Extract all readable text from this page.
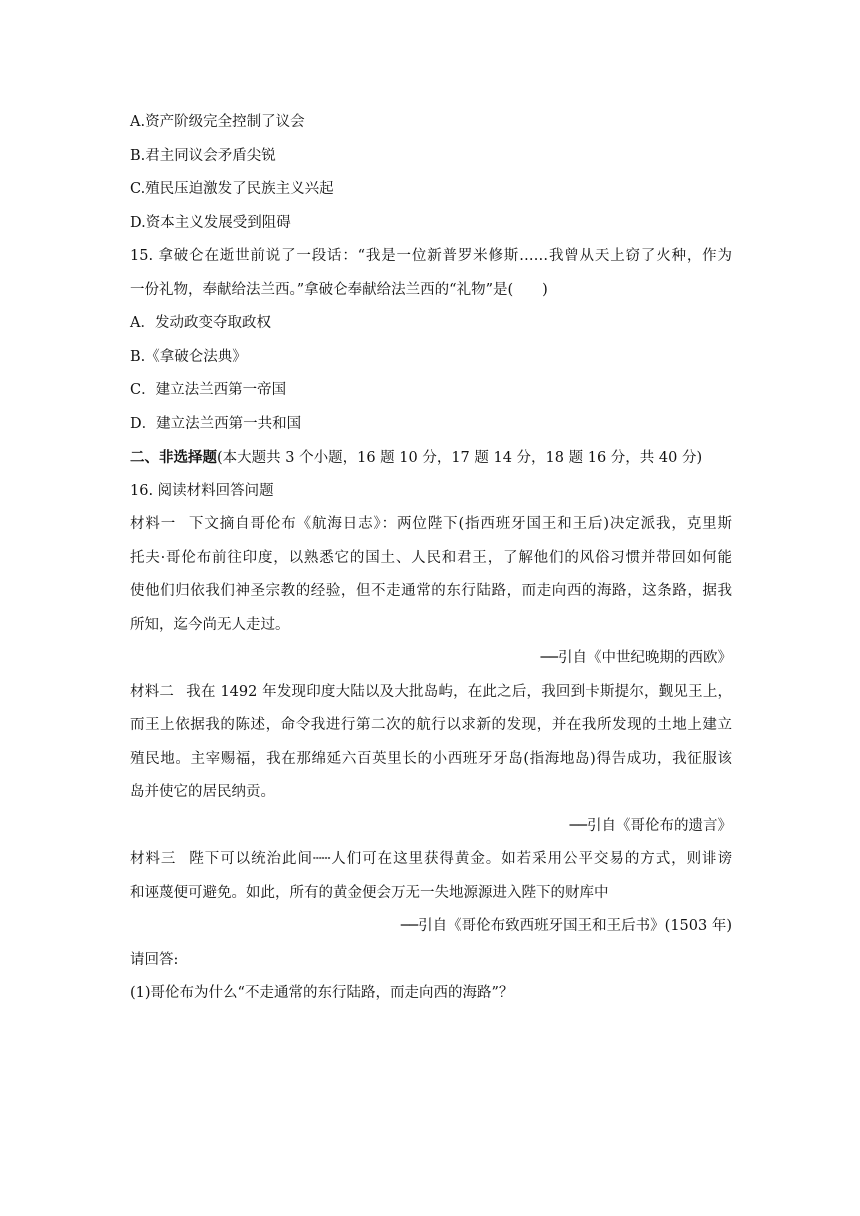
A.资产阶级完全控制了议会
B.君主同议会矛盾尖锐
C.殖民压迫激发了民族主义兴起
D.资本主义发展受到阻碍
15. 拿破仑在逝世前说了一段话：“我是一位新普罗米修斯……我曾从天上窃了火种，作为
一份礼物，奉献给法兰西。”拿破仑奉献给法兰西的“礼物”是(　　)
A．发动政变夺取政权
B.《拿破仑法典》
C．建立法兰西第一帝国
D．建立法兰西第一共和国
二、非选择题(本大题共 3 个小题，16 题 10 分，17 题 14 分，18 题 16 分，共 40 分)
16. 阅读材料回答问题
材料一 下文摘自哥伦布《航海日志》：两位陛下(指西班牙国王和王后)决定派我，克里斯
托夫·哥伦布前往印度，以熟悉它的国土、人民和君王，了解他们的风俗习惯并带回如何能
使他们归依我们神圣宗教的经验，但不走通常的东行陆路，而走向西的海路，这条路，据我
所知，迄今尚无人走过。
──引自《中世纪晚期的西欧》
材料二 我在 1492 年发现印度大陆以及大批岛屿，在此之后，我回到卡斯提尔，觐见王上，
而王上依据我的陈述，命令我进行第二次的航行以求新的发现，并在我所发现的土地上建立
殖民地。主宰赐福，我在那绵延六百英里长的小西班牙牙岛(指海地岛)得告成功，我征服该
岛并使它的居民纳贡。
──引自《哥伦布的遗言》
材料三 陛下可以统治此间┄┄人们可在这里获得黄金。如若采用公平交易的方式，则诽谤
和诬蔑便可避免。如此，所有的黄金便会万无一失地源源进入陛下的财库中
──引自《哥伦布致西班牙国王和王后书》(1503 年)
请回答:
(1)哥伦布为什么“不走通常的东行陆路，而走向西的海路”？
